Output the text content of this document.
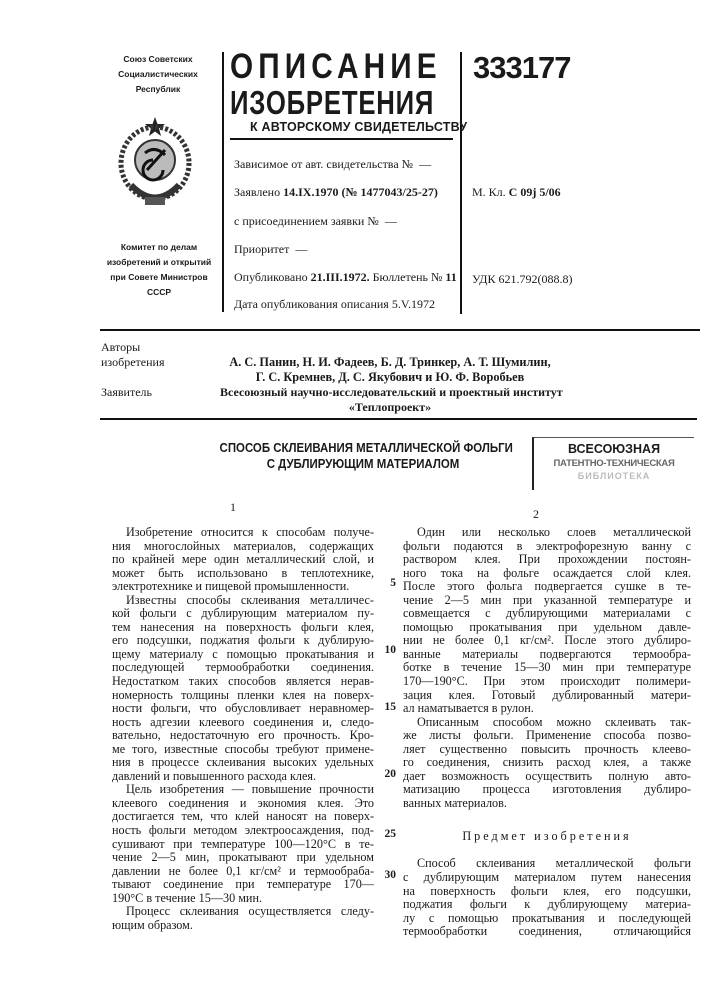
Союз Советских
Социалистических
Республик
Комитет по делам
изобретений и открытий
при Совете Министров
СССР
ОПИСАНИЕ
ИЗОБРЕТЕНИЯ
К АВТОРСКОМУ СВИДЕТЕЛЬСТВУ
333177
Зависимое от авт. свидетельства № —
Заявлено 14.IX.1970 (№ 1477043/25-27)
с присоединением заявки № —
Приоритет —
Опубликовано 21.III.1972. Бюллетень № 11
Дата опубликования описания 5.V.1972
М. Кл. С 09j 5/06
УДК 621.792(088.8)
Авторы
изобретения	А. С. Панин, Н. И. Фадеев, Б. Д. Тринкер, А. Т. Шумилин,
Г. С. Кремнев, Д. С. Якубович и Ю. Ф. Воробьев
Заявитель	Всесоюзный научно-исследовательский и проектный институт
«Теплопроект»
СПОСОБ СКЛЕИВАНИЯ МЕТАЛЛИЧЕСКОЙ ФОЛЬГИ
С ДУБЛИРУЮЩИМ МАТЕРИАЛОМ
ВСЕСОЮЗНАЯ
ПАТЕНТНО-ТЕХНИЧЕСКАЯ
БИБЛИОТЕКА
1	2
Изобретение относится к способам получе-
ния многослойных материалов, содержащих
по крайней мере один металлический слой, и
может быть использовано в теплотехнике,
электротехнике и пищевой промышленности.
Известны способы склеивания металличес-
кой фольги с дублирующим материалом пу-
тем нанесения на поверхность фольги клея,
его подсушки, поджатия фольги к дублирую-
щему материалу с помощью прокатывания и
последующей термообработки соединения.
Недостатком таких способов является нерав-
номерность толщины пленки клея на поверх-
ности фольги, что обусловливает неравномер-
ность адгезии клеевого соединения и, следо-
вательно, недостаточную его прочность. Кро-
ме того, известные способы требуют примене-
ния в процессе склеивания высоких удельных
давлений и повышенного расхода клея.
Цель изобретения — повышение прочности
клеевого соединения и экономия клея. Это
достигается тем, что клей наносят на поверх-
ность фольги методом электроосаждения, под-
сушивают при температуре 100—120°С в те-
чение 2—5 мин, прокатывают при удельном
давлении не более 0,1 кг/см² и термообраба-
тывают соединение при температуре 170—
190°С в течение 15—30 мин.
Процесс склеивания осуществляется следу-
ющим образом.
Один или несколько слоев металлической
фольги подаются в электрофорезную ванну с
раствором клея. При прохождении постоян-
ного тока на фольге осаждается слой клея.
После этого фольга подвергается сушке в те-
чение 2—5 мин при указанной температуре и
совмещается с дублирующими материалами с
помощью прокатывания при удельном давле-
нии не более 0,1 кг/см². После этого дублиро-
ванные материалы подвергаются термообра-
ботке в течение 15—30 мин при температуре
170—190°С. При этом происходит полимери-
зация клея. Готовый дублированный матери-
ал наматывается в рулон.
Описанным способом можно склеивать так-
же листы фольги. Применение способа позво-
ляет существенно повысить прочность клеево-
го соединения, снизить расход клея, а также
дает возможность осуществить полную авто-
матизацию процесса изготовления дублиро-
ванных материалов.
Предмет изобретения
Способ склеивания металлической фольги
с дублирующим материалом путем нанесения
на поверхность фольги клея, его подсушки,
поджатия фольги к дублирующему материа-
лу с помощью прокатывания и последующей
термообработки соединения, отличающийся
5
10
15
20
25
30
